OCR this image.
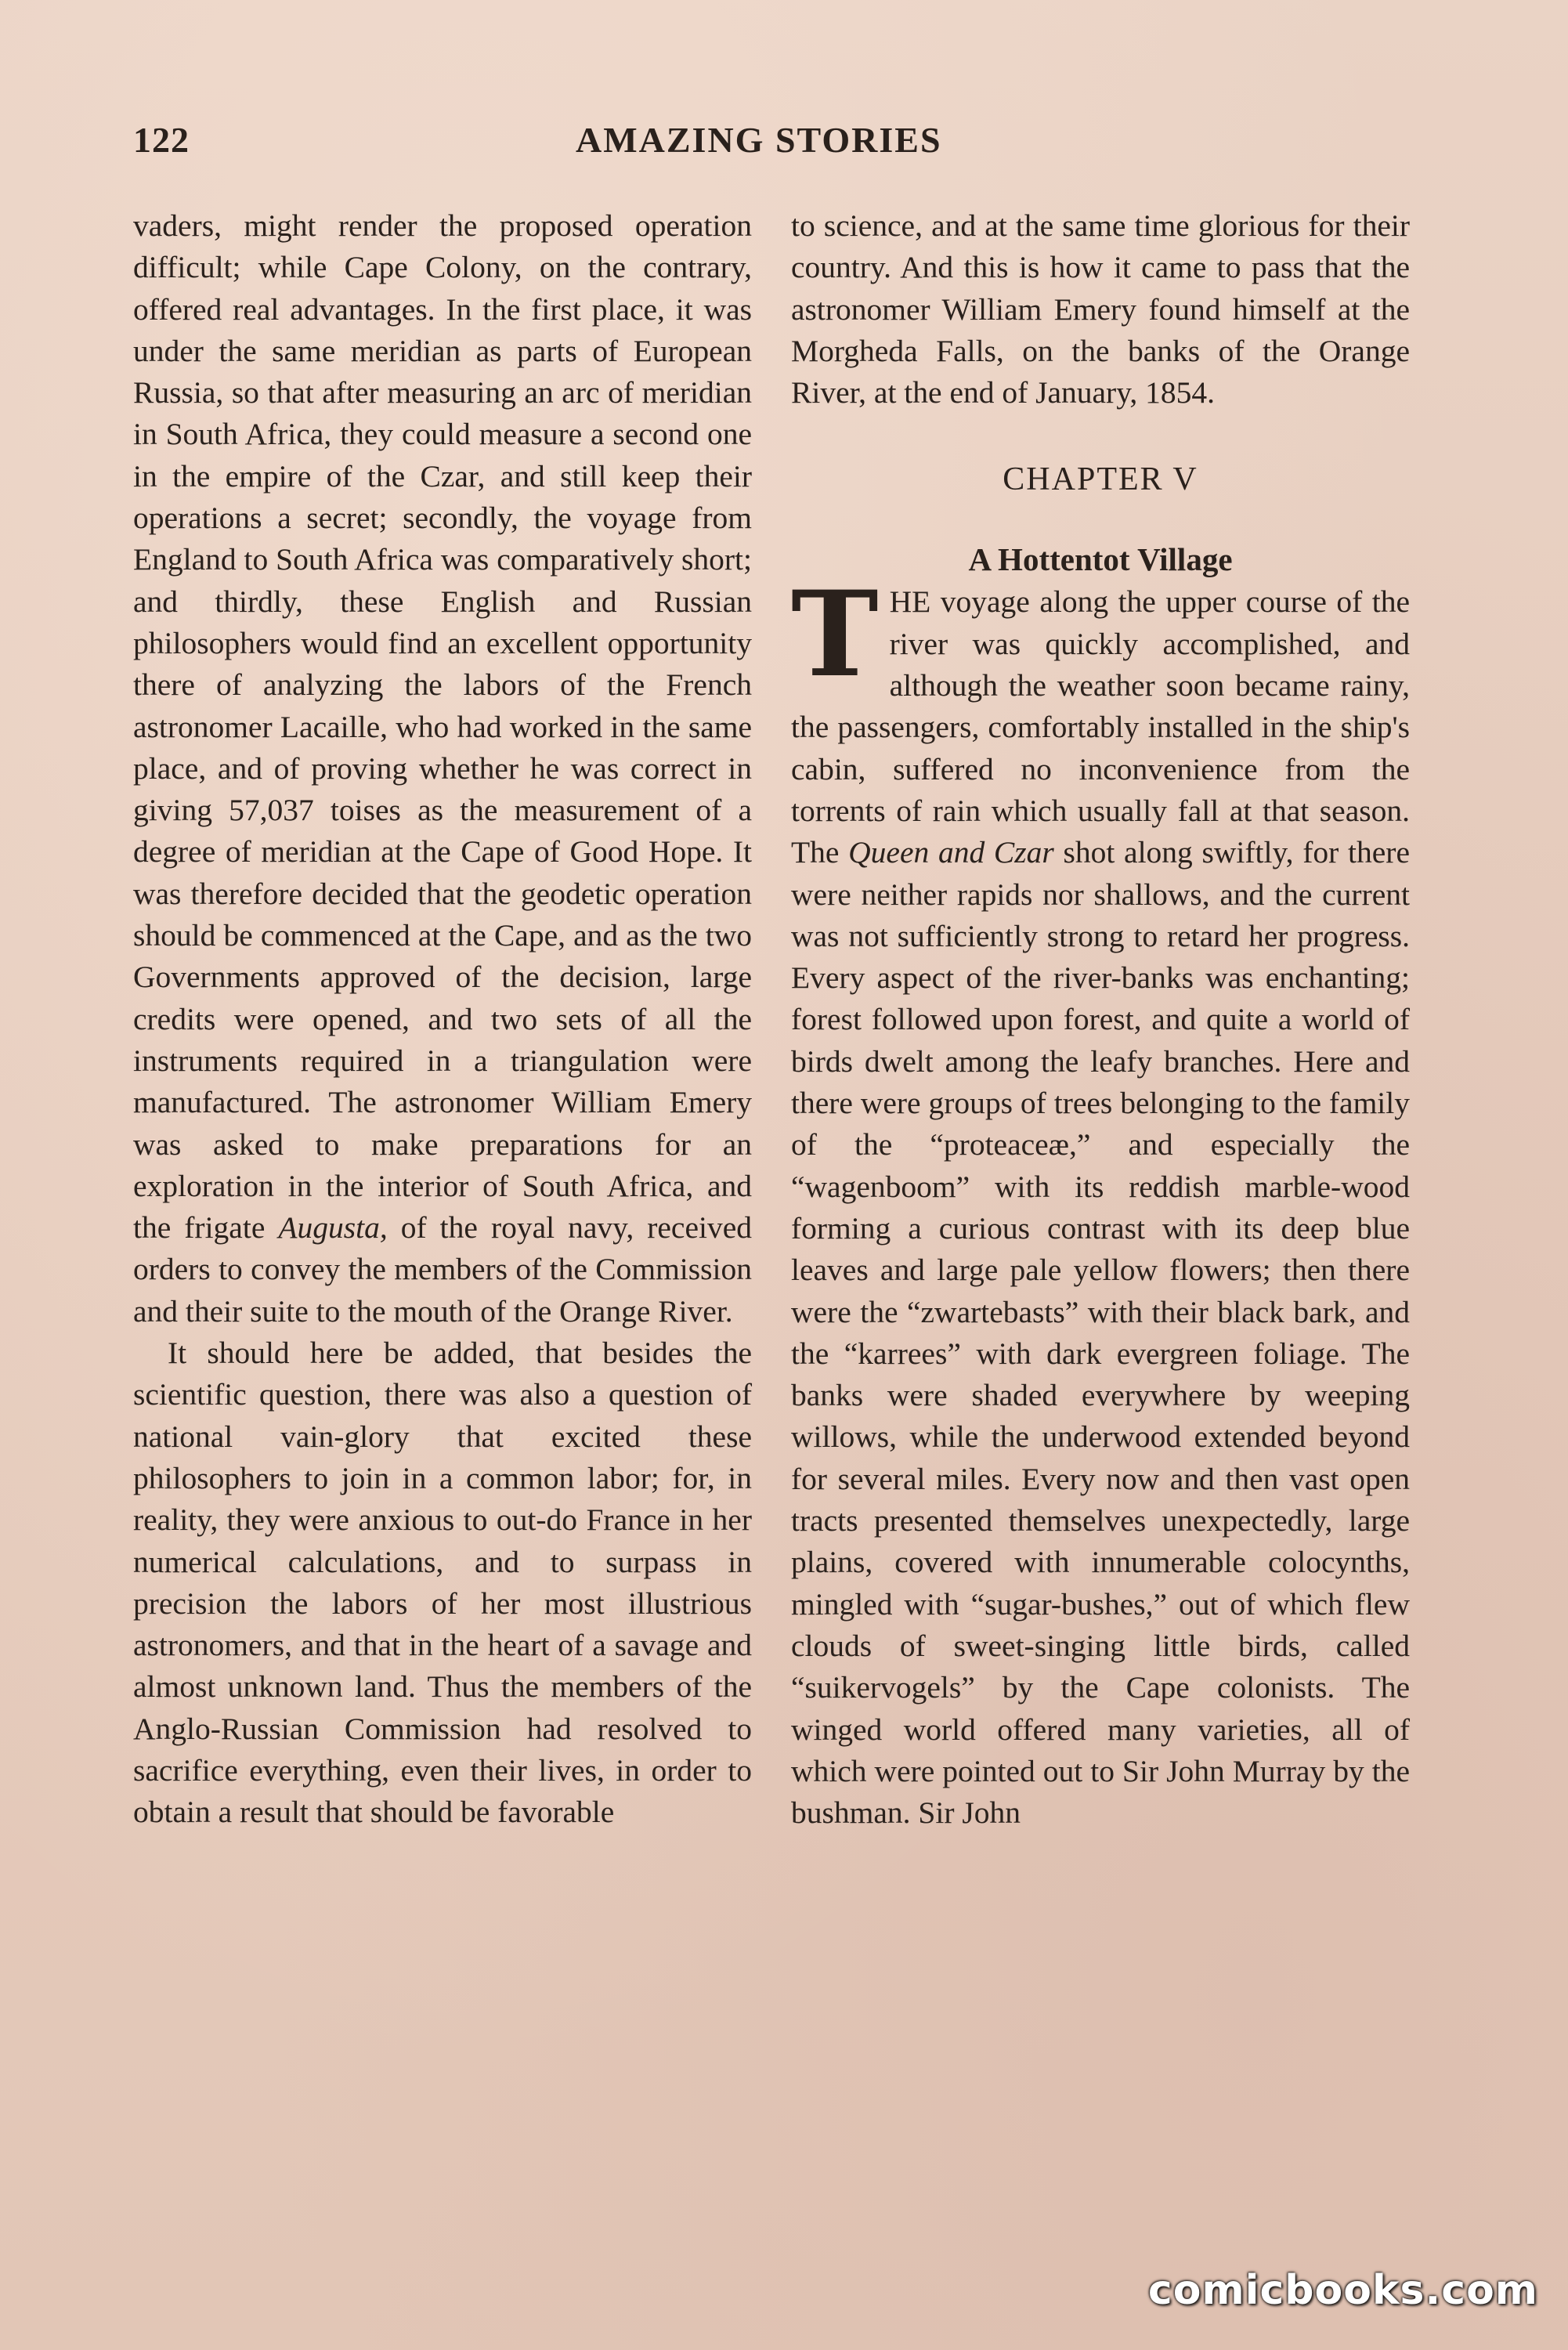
122	AMAZING STORIES

vaders, might render the proposed operation difficult; while Cape Colony, on the contrary, offered real advantages. In the first place, it was under the same meridian as parts of European Russia, so that after measuring an arc of meridian in South Africa, they could measure a second one in the empire of the Czar, and still keep their operations a secret; secondly, the voyage from England to South Africa was comparatively short; and thirdly, these English and Russian philosophers would find an excellent opportunity there of analyzing the labors of the French astronomer Lacaille, who had worked in the same place, and of proving whether he was correct in giving 57,037 toises as the measurement of a degree of meridian at the Cape of Good Hope. It was therefore decided that the geodetic operation should be commenced at the Cape, and as the two Governments approved of the decision, large credits were opened, and two sets of all the instruments required in a triangulation were manufactured. The astronomer William Emery was asked to make preparations for an exploration in the interior of South Africa, and the frigate Augusta, of the royal navy, received orders to convey the members of the Commission and their suite to the mouth of the Orange River.

It should here be added, that besides the scientific question, there was also a question of national vain-glory that excited these philosophers to join in a common labor; for, in reality, they were anxious to out-do France in her numerical calculations, and to surpass in precision the labors of her most illustrious astronomers, and that in the heart of a savage and almost unknown land. Thus the members of the Anglo-Russian Commission had resolved to sacrifice everything, even their lives, in order to obtain a result that should be favorable

to science, and at the same time glorious for their country. And this is how it came to pass that the astronomer William Emery found himself at the Morgheda Falls, on the banks of the Orange River, at the end of January, 1854.

CHAPTER V
A Hottentot Village

THE voyage along the upper course of the river was quickly accomplished, and although the weather soon became rainy, the passengers, comfortably installed in the ship's cabin, suffered no inconvenience from the torrents of rain which usually fall at that season. The Queen and Czar shot along swiftly, for there were neither rapids nor shallows, and the current was not sufficiently strong to retard her progress. Every aspect of the river-banks was enchanting; forest followed upon forest, and quite a world of birds dwelt among the leafy branches. Here and there were groups of trees belonging to the family of the “proteaceæ,” and especially the “wagenboom” with its reddish marble-wood forming a curious contrast with its deep blue leaves and large pale yellow flowers; then there were the “zwartebasts” with their black bark, and the “karrees” with dark evergreen foliage. The banks were shaded everywhere by weeping willows, while the underwood extended beyond for several miles. Every now and then vast open tracts presented themselves unexpectedly, large plains, covered with innumerable colocynths, mingled with “sugar-bushes,” out of which flew clouds of sweet-singing little birds, called “suikervogels” by the Cape colonists. The winged world offered many varieties, all of which were pointed out to Sir John Murray by the bushman. Sir John

comicbooks.com
